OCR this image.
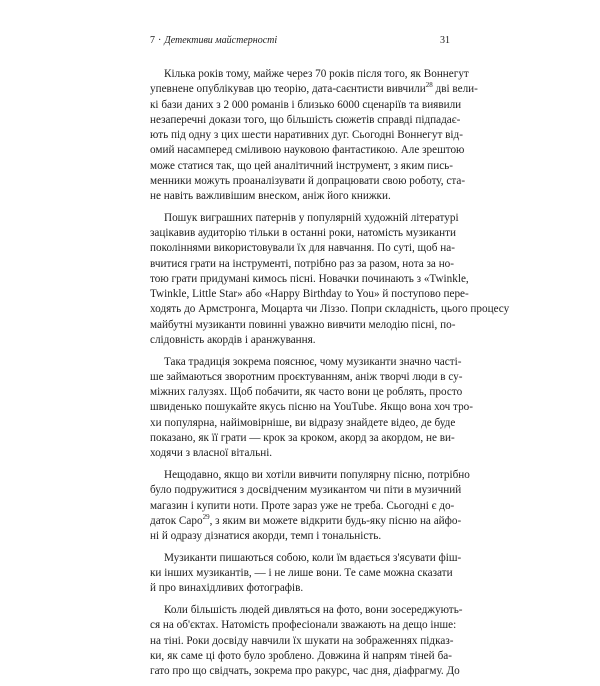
7 · Детективи майстерності	31
Кілька років тому, майже через 70 років після того, як Воннегут
упевнене опублікував цю теорію, дата-саєнтисти вивчили$^{28}$ дві вели-
кі бази даних з 2 000 романів і близько 6000 сценаріїв та виявили
незаперечні докази того, що більшість сюжетів справді підпадає-
ють під одну з цих шести наративних дуг. Сьогодні Воннегут від-
омий насамперед сміливою науковою фантастикою. Але зрештою
може статися так, що цей аналітичний інструмент, з яким пись-
менники можуть проаналізувати й допрацювати свою роботу, ста-
не навіть важливішим внеском, аніж його книжки.
Пошук виграшних патернів у популярній художній літературі
зацікавив аудиторію тільки в останні роки, натомість музиканти
поколіннями використовували їх для навчання. По суті, щоб на-
вчитися грати на інструменті, потрібно раз за разом, нота за но-
тою грати придумані кимось пісні. Новачки починають з «Twinkle,
Twinkle, Little Star» або «Happy Birthday to You» й поступово пере-
ходять до Армстронга, Моцарта чи Ліззо. Попри складність, цього процесу
майбутні музиканти повинні уважно вивчити мелодію пісні, по-
слідовність акордів і аранжування.
Така традиція зокрема пояснює, чому музиканти значно часті-
ше займаються зворотним проєктуванням, аніж творчі люди в су-
міжних галузях. Щоб побачити, як часто вони це роблять, просто
швиденько пошукайте якусь пісню на YouTube. Якщо вона хоч тро-
хи популярна, найімовірніше, ви відразу знайдете відео, де буде
показано, як її грати — крок за кроком, акорд за акордом, не ви-
ходячи з власної вітальні.
Нещодавно, якщо ви хотіли вивчити популярну пісню, потрібно
було подружитися з досвідченим музикантом чи піти в музичний
магазин і купити ноти. Проте зараз уже не треба. Сьогодні є до-
даток Capo$^{29}$, з яким ви можете відкрити будь-яку пісню на айфо-
ні й одразу дізнатися акорди, темп і тональність.
Музиканти пишаються собою, коли їм вдається з'ясувати фіш-
ки інших музикантів, — і не лише вони. Те саме можна сказати
й про винахідливих фотографів.
Коли більшість людей дивляться на фото, вони зосереджують-
ся на об'єктах. Натомість професіонали зважають на дещо інше:
на тіні. Роки досвіду навчили їх шукати на зображеннях підказ-
ки, як саме ці фото було зроблено. Довжина й напрям тіней ба-
гато про що свідчать, зокрема про ракурс, час дня, діафрагму. До
